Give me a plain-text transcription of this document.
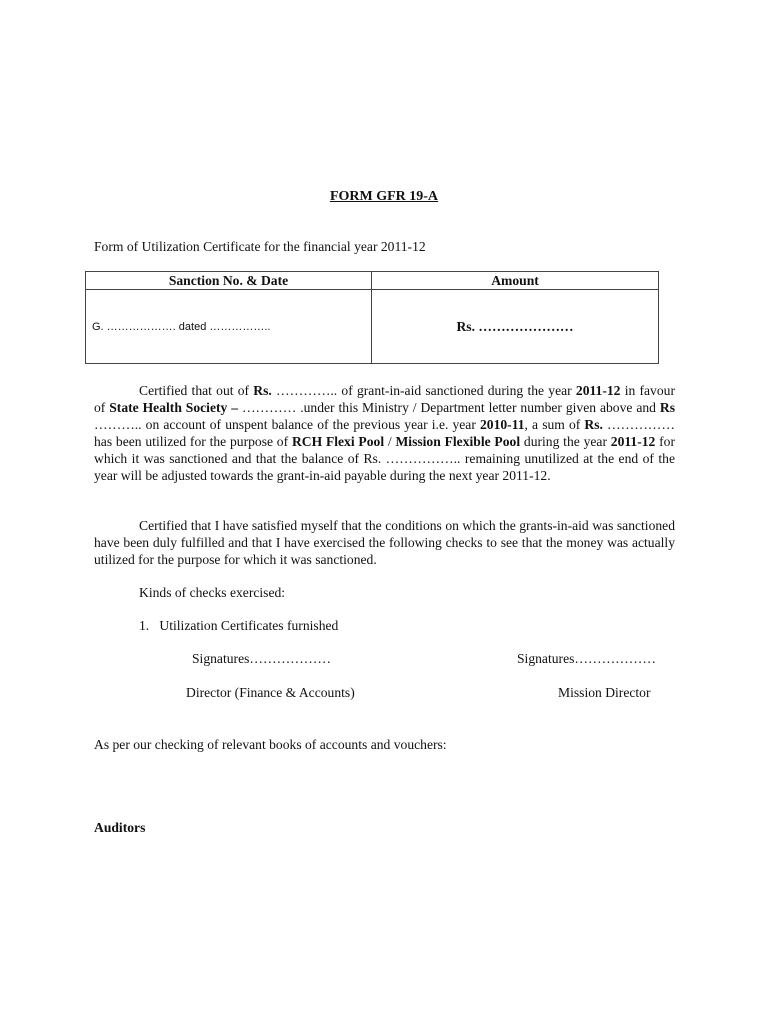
FORM GFR 19-A
Form of Utilization Certificate for the financial year 2011-12
Sanction No. & Date	Amount
G. ………………. dated ……………..	Rs. …………………
Certified that out of Rs. ………….. of grant-in-aid sanctioned during the year 2011-12 in favour of State Health Society – ………… .under this Ministry / Department letter number given above and Rs ……….. on account of unspent balance of the previous year i.e. year 2010-11, a sum of Rs. …………… has been utilized for the purpose of RCH Flexi Pool / Mission Flexible Pool during the year 2011-12 for which it was sanctioned and that the balance of Rs. …………….. remaining unutilized at the end of the year will be adjusted towards the grant-in-aid payable during the next year 2011-12.
Certified that I have satisfied myself that the conditions on which the grants-in-aid was sanctioned have been duly fulfilled and that I have exercised the following checks to see that the money was actually utilized for the purpose for which it was sanctioned.
Kinds of checks exercised:
1.   Utilization Certificates furnished
Signatures………………	Signatures………………
Director (Finance & Accounts)	Mission Director
As per our checking of relevant books of accounts and vouchers:
Auditors
